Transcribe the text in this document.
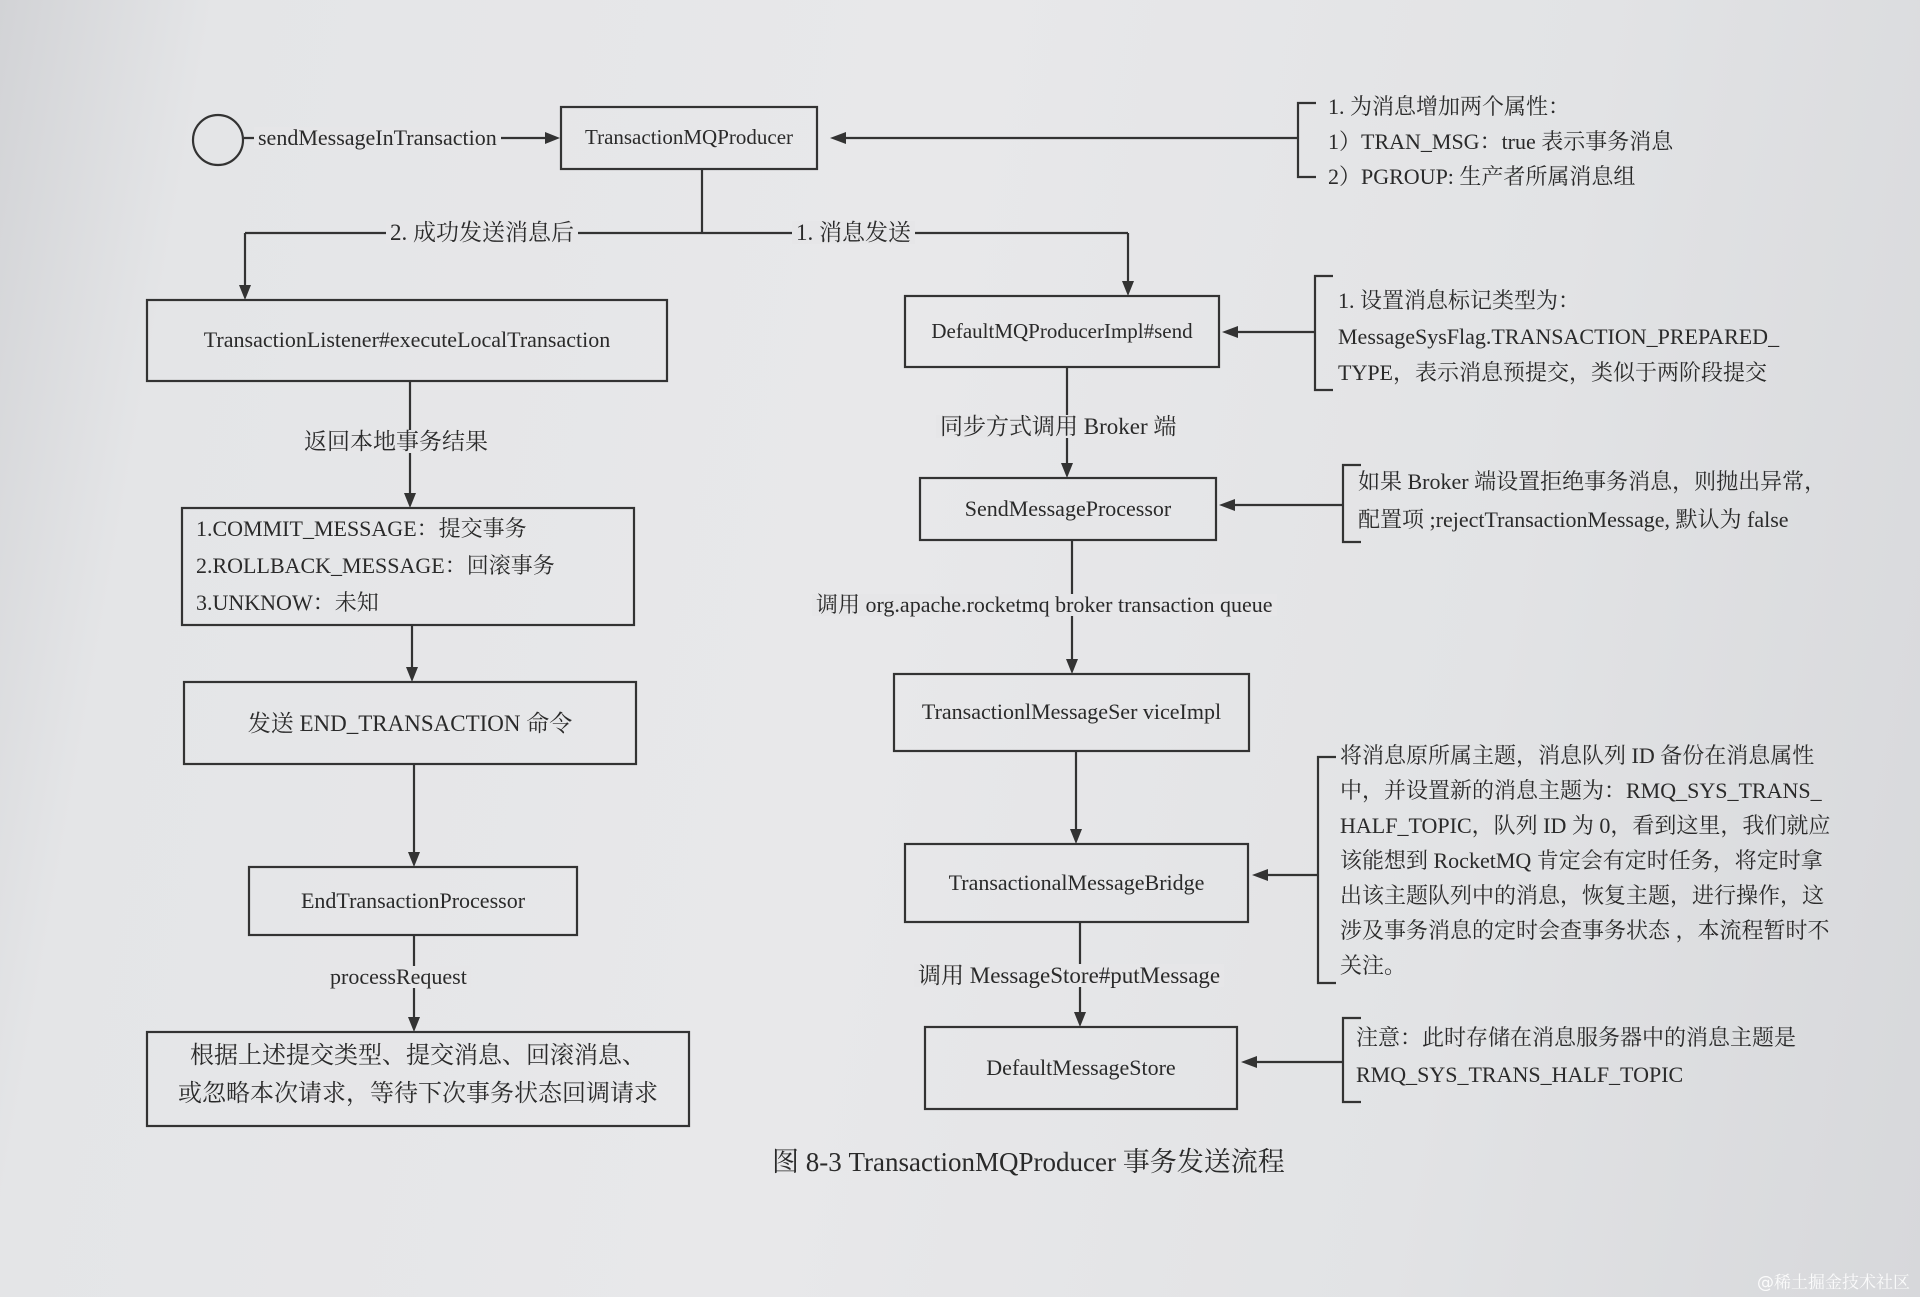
sendMessageInTransaction
2. 成功发送消息后	1. 消息发送
返回本地事务结果
同步方式调用 Broker 端
调用 org.apache.rocketmq broker transaction queue
processRequest	调用 MessageStore#putMessage
TransactionMQProducer
TransactionListener#executeLocalTransaction
1.COMMIT_MESSAGE：提交事务
2.ROLLBACK_MESSAGE：回滚事务
3.UNKNOW：未知
发送 END_TRANSACTION 命令
EndTransactionProcessor
根据上述提交类型、提交消息、回滚消息、
或忽略本次请求，等待下次事务状态回调请求
DefaultMQProducerImpl#send
SendMessageProcessor
TransactionlMessageSer viceImpl
TransactionalMessageBridge
DefaultMessageStore
1. 为消息增加两个属性：
1）TRAN_MSG：true 表示事务消息
2）PGROUP: 生产者所属消息组
1. 设置消息标记类型为：
MessageSysFlag.TRANSACTION_PREPARED_
TYPE，表示消息预提交，类似于两阶段提交
如果 Broker 端设置拒绝事务消息，则抛出异常，
配置项 ;rejectTransactionMessage, 默认为 false
将消息原所属主题，消息队列 ID 备份在消息属性
中，并设置新的消息主题为：RMQ_SYS_TRANS_
HALF_TOPIC，队列 ID 为 0，看到这里，我们就应
该能想到 RocketMQ 肯定会有定时任务，将定时拿
出该主题队列中的消息，恢复主题，进行操作，这
涉及事务消息的定时会查事务状态 ，本流程暂时不
关注。
注意：此时存储在消息服务器中的消息主题是
RMQ_SYS_TRANS_HALF_TOPIC
图 8-3 TransactionMQProducer 事务发送流程
@稀土掘金技术社区
